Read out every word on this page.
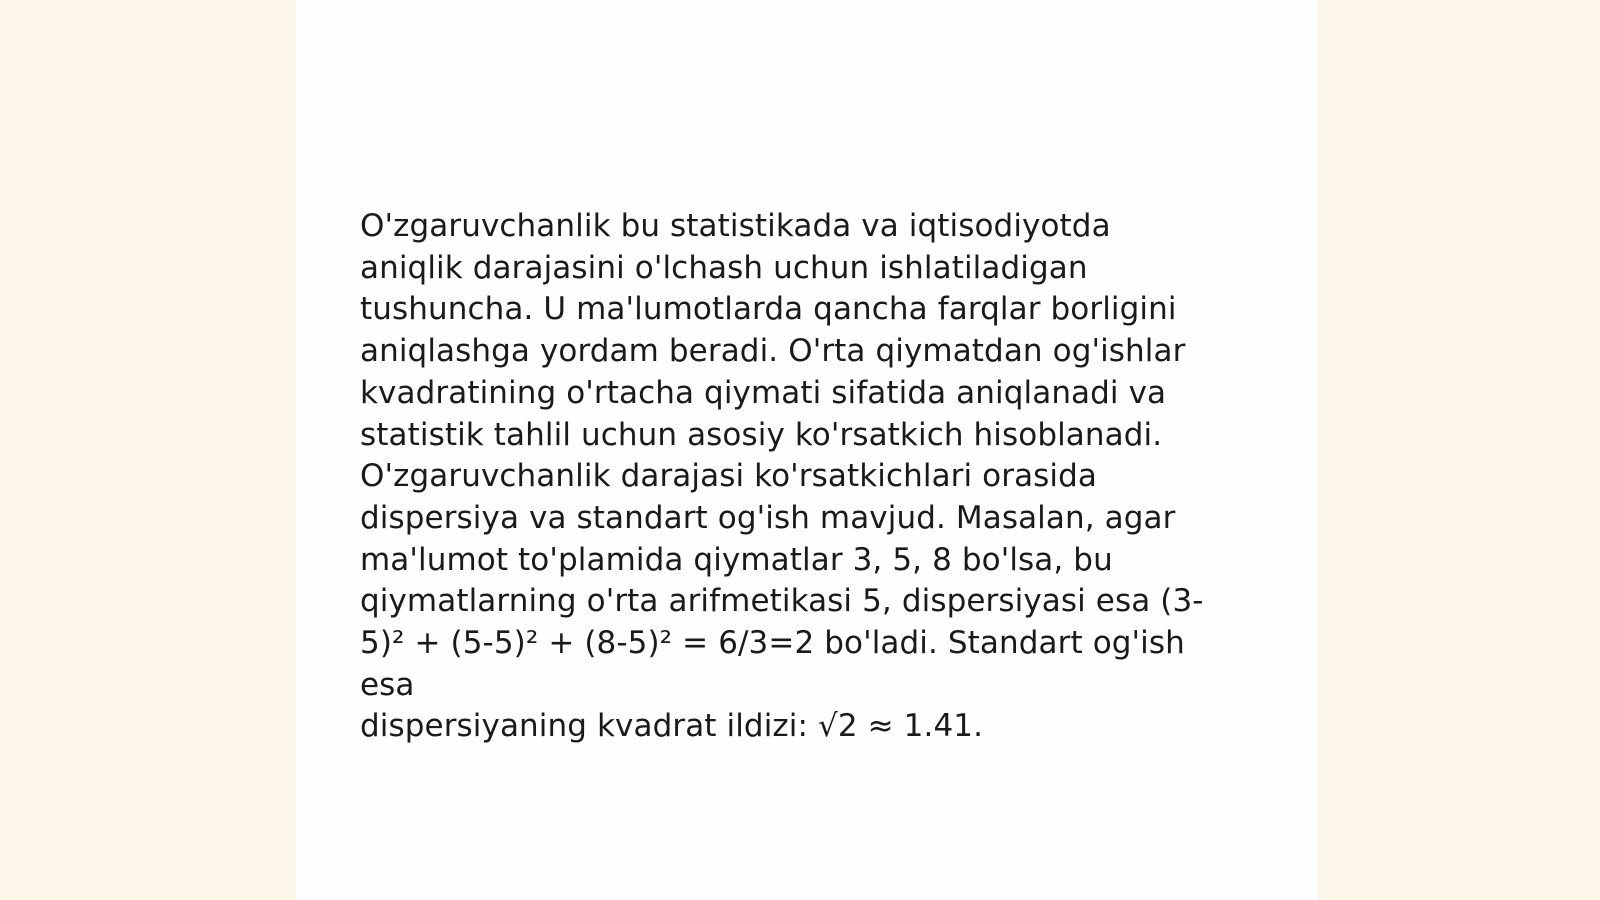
O'zgaruvchanlik bu statistikada va iqtisodiyotda
aniqlik darajasini o'lchash uchun ishlatiladigan
tushuncha. U ma'lumotlarda qancha farqlar borligini
aniqlashga yordam beradi. O'rta qiymatdan og'ishlar
kvadratining o'rtacha qiymati sifatida aniqlanadi va
statistik tahlil uchun asosiy ko'rsatkich hisoblanadi.
O'zgaruvchanlik darajasi ko'rsatkichlari orasida
dispersiya va standart og'ish mavjud. Masalan, agar
ma'lumot to'plamida qiymatlar 3, 5, 8 bo'lsa, bu
qiymatlarning o'rta arifmetikasi 5, dispersiyasi esa (3-
5)² + (5-5)² + (8-5)² = 6/3=2 bo'ladi. Standart og'ish esa
dispersiyaning kvadrat ildizi: √2 ≈ 1.41.
